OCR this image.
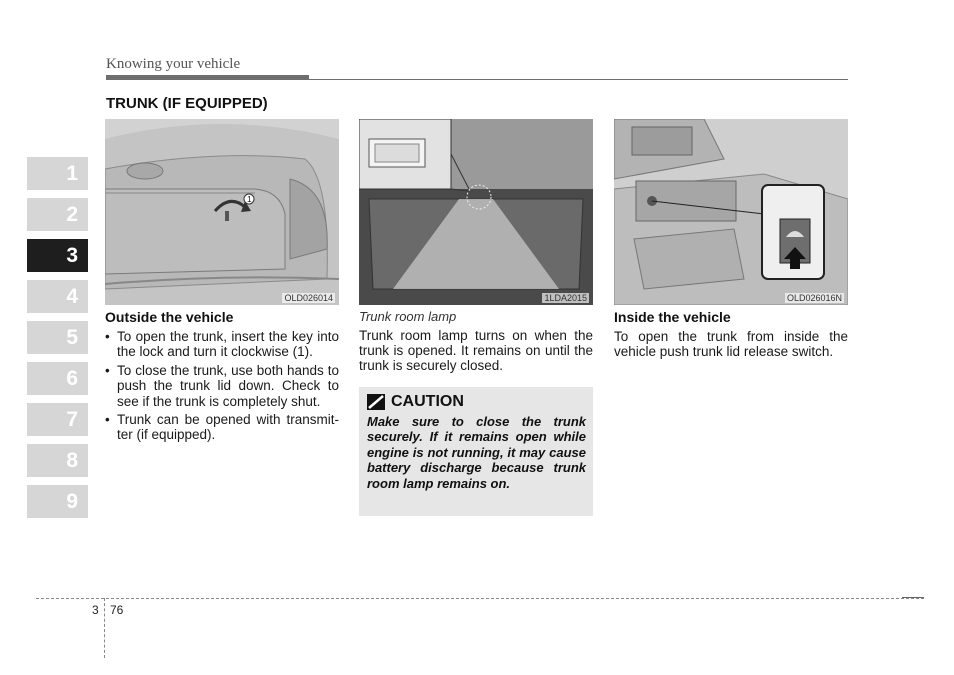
Knowing your vehicle
TRUNK (IF EQUIPPED)
1
2
3
4
5
6
7
8
9
1
OLD026014	1LDA2015	OLD026016N

Outside the vehicle

• To open the trunk, insert the key into the lock and turn it clockwise (1).
• To close the trunk, use both hands to push the trunk lid down. Check to see if the trunk is completely shut.
• Trunk can be opened with transmit-ter (if equipped).

Trunk room lamp

Trunk room lamp turns on when the trunk is opened. It remains on until the trunk is securely closed.

CAUTION

Make sure to close the trunk securely. If it remains open while engine is not running, it may cause battery discharge because trunk room lamp remains on.

Inside the vehicle

To open the trunk from inside the vehicle push trunk lid release switch.

3 76
